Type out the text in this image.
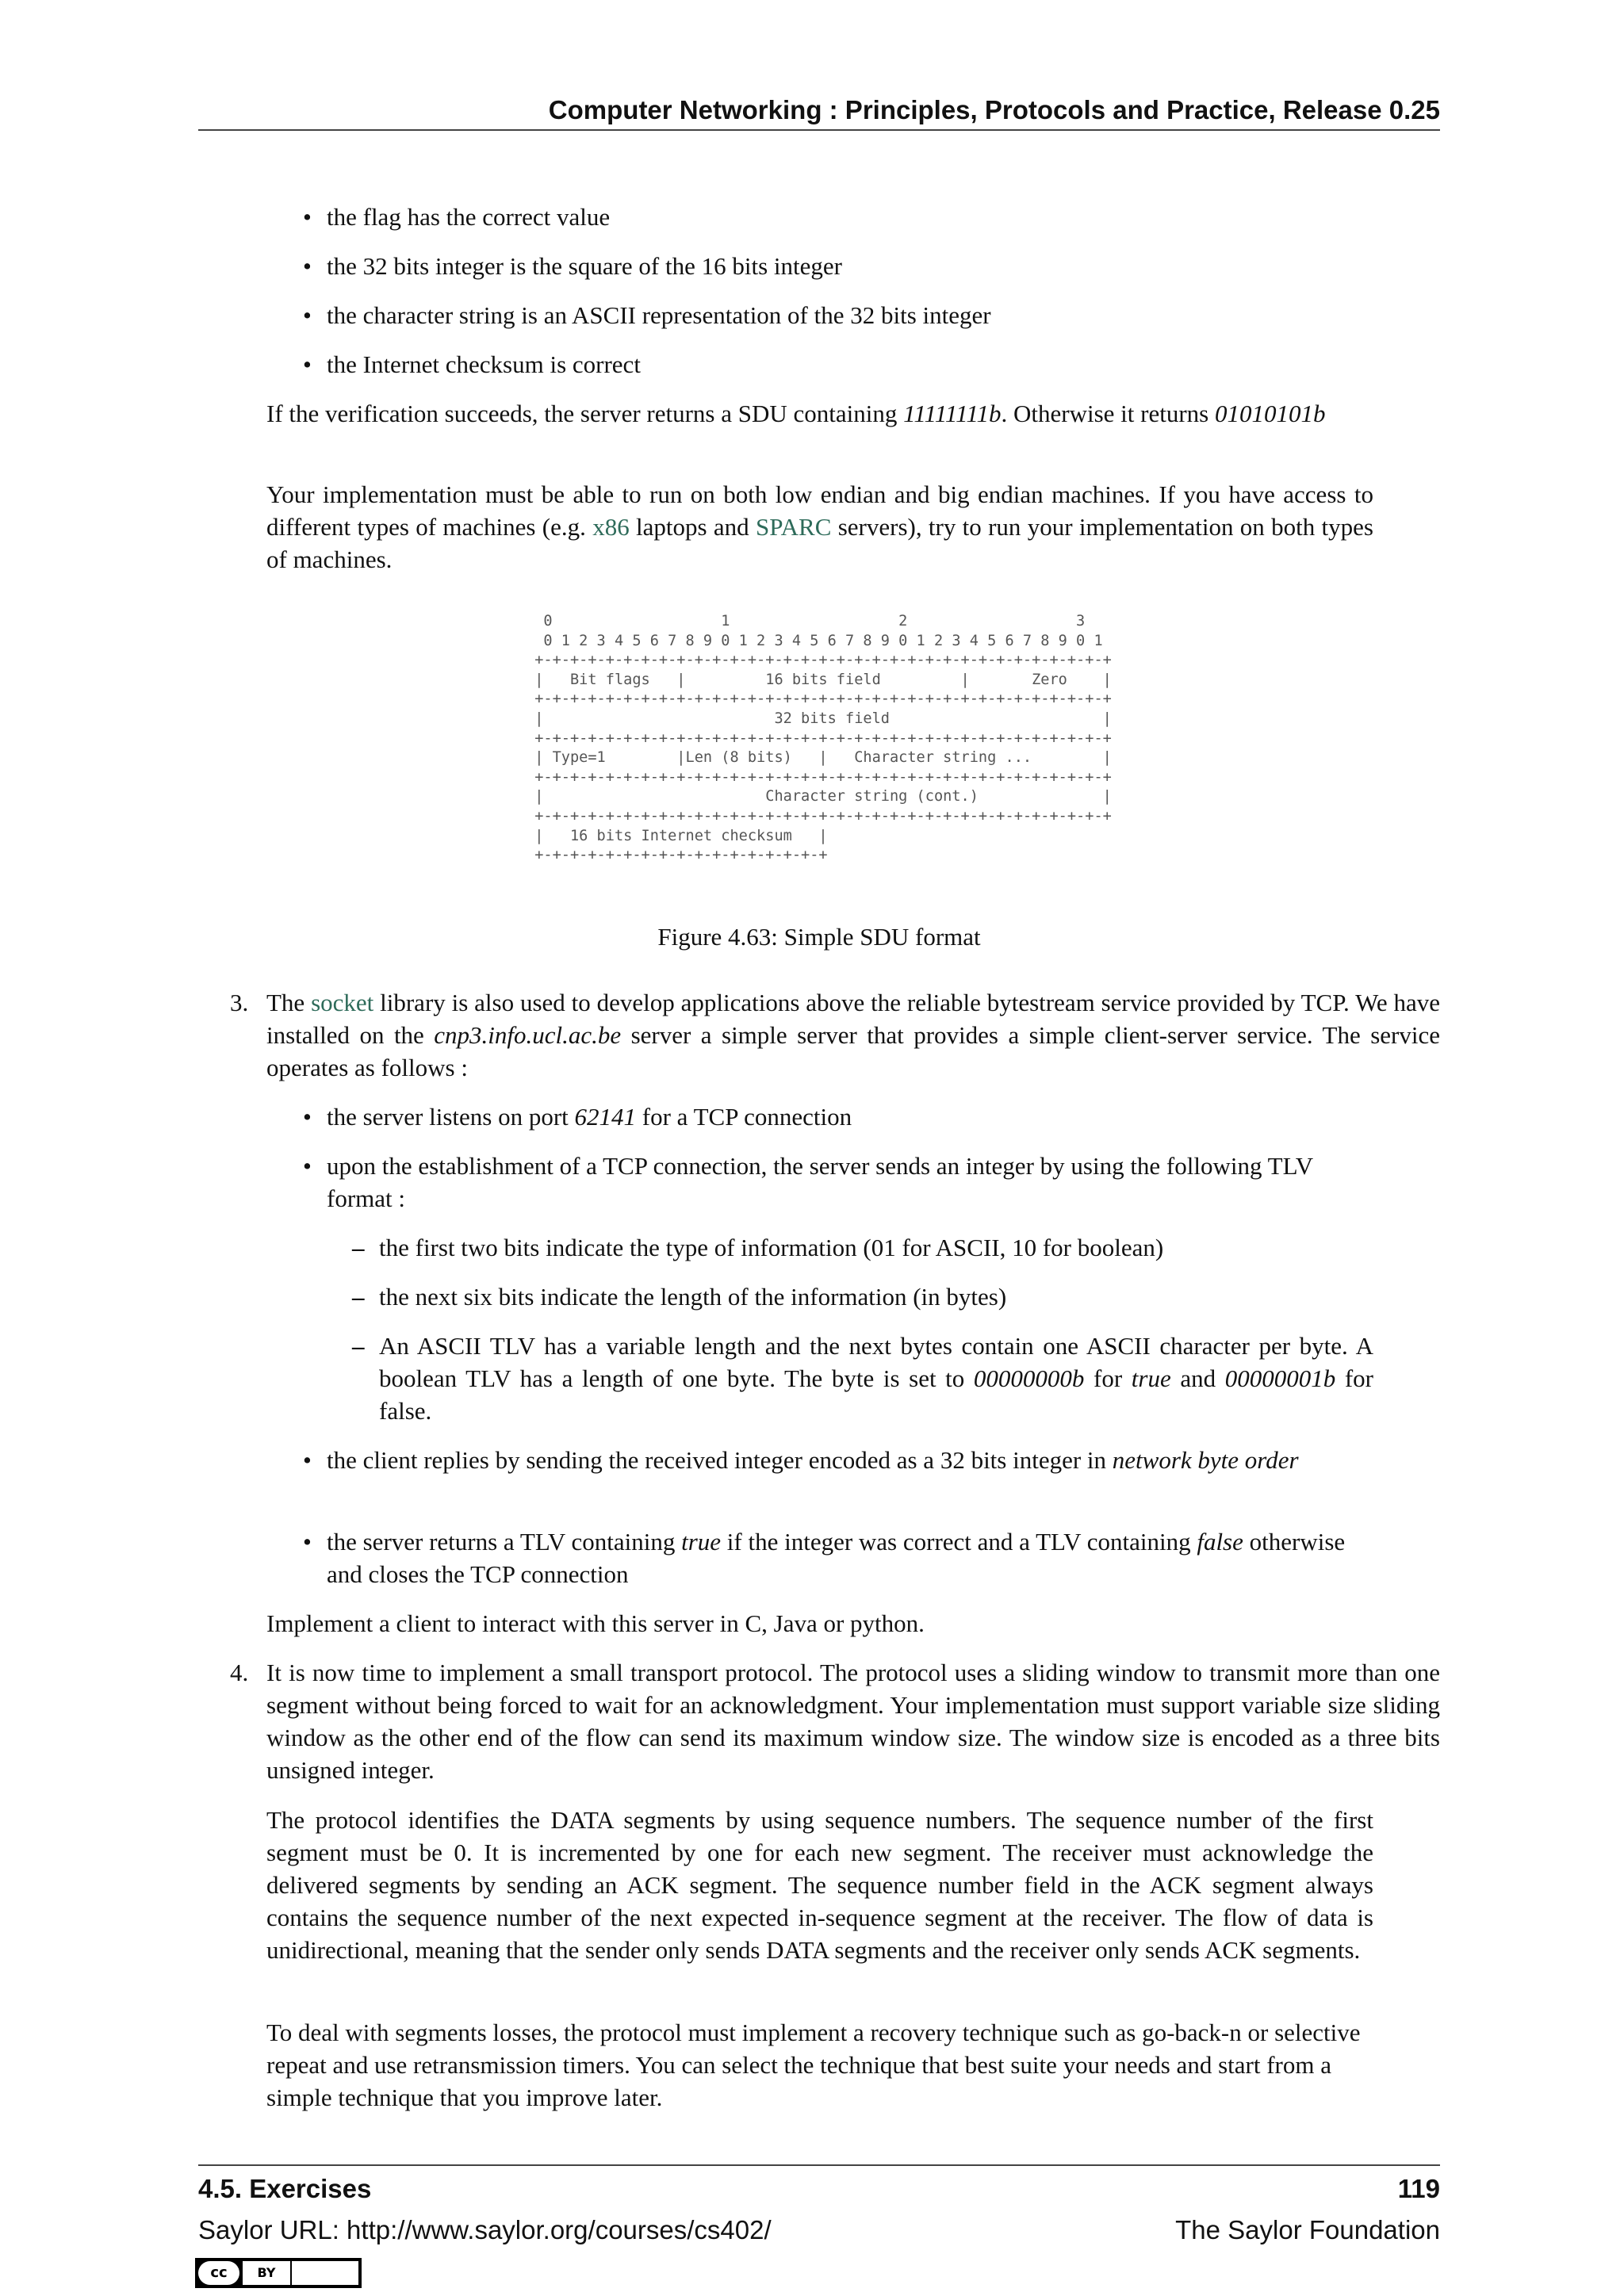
Computer Networking : Principles, Protocols and Practice, Release 0.25
• the flag has the correct value
• the 32 bits integer is the square of the 16 bits integer
• the character string is an ASCII representation of the 32 bits integer
• the Internet checksum is correct

If the verification succeeds, the server returns a SDU containing 11111111b. Otherwise it returns 01010101b

Your implementation must be able to run on both low endian and big endian machines. If you have access to different types of machines (e.g. x86 laptops and SPARC servers), try to run your implementation on both types of machines.

0                   1                   2                   3
0 1 2 3 4 5 6 7 8 9 0 1 2 3 4 5 6 7 8 9 0 1 2 3 4 5 6 7 8 9 0 1
+-+-+-+-+-+-+-+-+-+-+-+-+-+-+-+-+-+-+-+-+-+-+-+-+-+-+-+-+-+-+-+-+
|   Bit flags   |         16 bits field         |       Zero    |
+-+-+-+-+-+-+-+-+-+-+-+-+-+-+-+-+-+-+-+-+-+-+-+-+-+-+-+-+-+-+-+-+
|                          32 bits field                        |
+-+-+-+-+-+-+-+-+-+-+-+-+-+-+-+-+-+-+-+-+-+-+-+-+-+-+-+-+-+-+-+-+
| Type=1        |Len (8 bits)   |   Character string ...        |
+-+-+-+-+-+-+-+-+-+-+-+-+-+-+-+-+-+-+-+-+-+-+-+-+-+-+-+-+-+-+-+-+
|                         Character string (cont.)              |
+-+-+-+-+-+-+-+-+-+-+-+-+-+-+-+-+-+-+-+-+-+-+-+-+-+-+-+-+-+-+-+-+
|   16 bits Internet checksum   |
+-+-+-+-+-+-+-+-+-+-+-+-+-+-+-+-+
Figure 4.63: Simple SDU format
3. The socket library is also used to develop applications above the reliable bytestream service provided by TCP. We have installed on the cnp3.info.ucl.ac.be server a simple server that provides a simple client-server service. The service operates as follows :
• the server listens on port 62141 for a TCP connection
• upon the establishment of a TCP connection, the server sends an integer by using the following TLV format :
– the first two bits indicate the type of information (01 for ASCII, 10 for boolean)
– the next six bits indicate the length of the information (in bytes)
– An ASCII TLV has a variable length and the next bytes contain one ASCII character per byte. A boolean TLV has a length of one byte. The byte is set to 00000000b for true and 00000001b for false.
• the client replies by sending the received integer encoded as a 32 bits integer in network byte order
• the server returns a TLV containing true if the integer was correct and a TLV containing false otherwise and closes the TCP connection

Implement a client to interact with this server in C, Java or python.

4. It is now time to implement a small transport protocol. The protocol uses a sliding window to transmit more than one segment without being forced to wait for an acknowledgment. Your implementation must support variable size sliding window as the other end of the flow can send its maximum window size. The window size is encoded as a three bits unsigned integer.

The protocol identifies the DATA segments by using sequence numbers. The sequence number of the first segment must be 0. It is incremented by one for each new segment. The receiver must acknowledge the delivered segments by sending an ACK segment. The sequence number field in the ACK segment always contains the sequence number of the next expected in-sequence segment at the receiver. The flow of data is unidirectional, meaning that the sender only sends DATA segments and the receiver only sends ACK segments.

To deal with segments losses, the protocol must implement a recovery technique such as go-back-n or selective repeat and use retransmission timers. You can select the technique that best suite your needs and start from a simple technique that you improve later.

4.5. Exercises	119
Saylor URL: http://www.saylor.org/courses/cs402/	The Saylor Foundation
cc	BY
